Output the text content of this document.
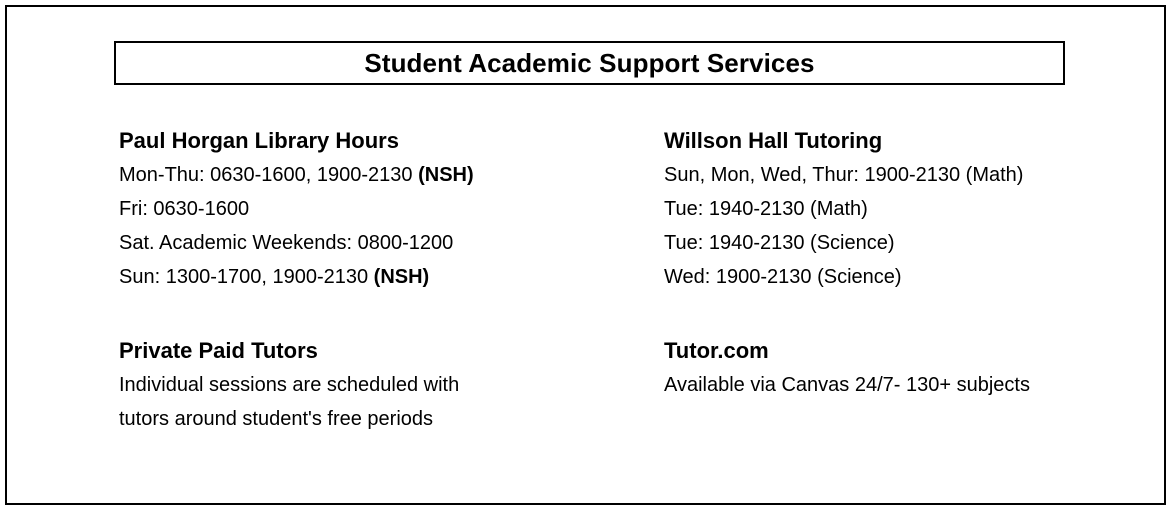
Student Academic Support Services
Paul Horgan Library Hours
Mon-Thu: 0630-1600, 1900-2130 (NSH)
Fri: 0630-1600
Sat. Academic Weekends: 0800-1200
Sun: 1300-1700, 1900-2130 (NSH)
Willson Hall Tutoring
Sun, Mon, Wed, Thur: 1900-2130 (Math)
Tue: 1940-2130 (Math)
Tue: 1940-2130 (Science)
Wed: 1900-2130 (Science)
Private Paid Tutors
Individual sessions are scheduled with
tutors around student's free periods
Tutor.com
Available via Canvas 24/7- 130+ subjects
